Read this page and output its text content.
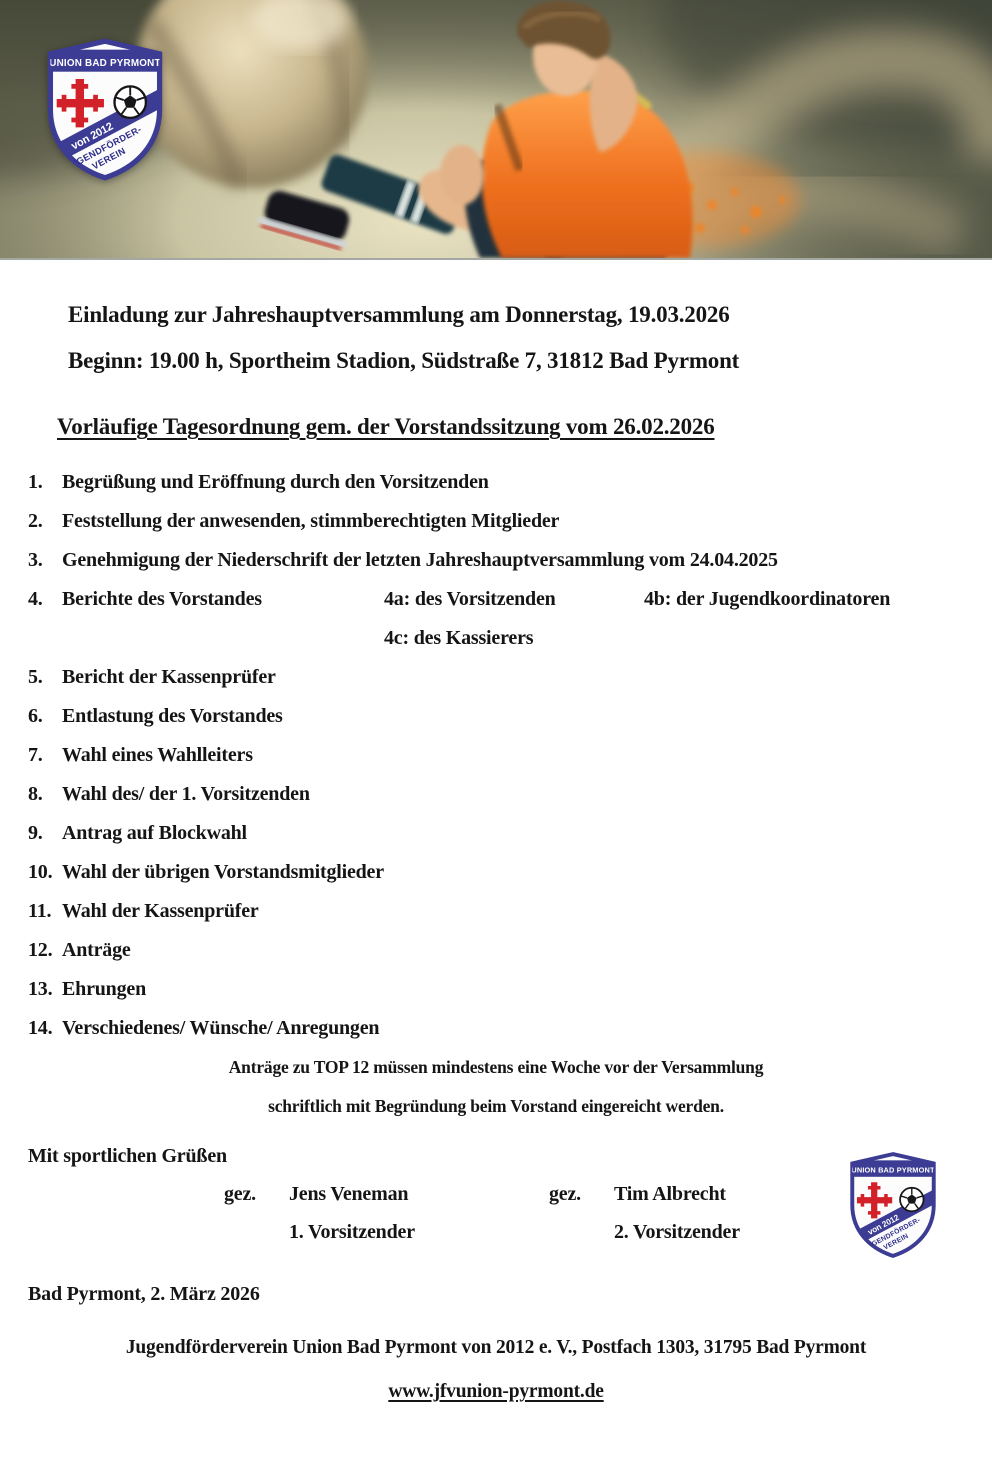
Einladung zur Jahreshauptversammlung am Donnerstag, 19.03.2026
Beginn: 19.00 h, Sportheim Stadion, Südstraße 7, 31812 Bad Pyrmont
Vorläufige Tagesordnung gem. der Vorstandssitzung vom 26.02.2026
1. Begrüßung und Eröffnung durch den Vorsitzenden
2. Feststellung der anwesenden, stimmberechtigten Mitglieder
3. Genehmigung der Niederschrift der letzten Jahreshauptversammlung vom 24.04.2025
4. Berichte des Vorstandes	4a: des Vorsitzenden	4b: der Jugendkoordinatoren
4c: des Kassierers
5. Bericht der Kassenprüfer
6. Entlastung des Vorstandes
7. Wahl eines Wahlleiters
8. Wahl des/ der 1. Vorsitzenden
9. Antrag auf Blockwahl
10. Wahl der übrigen Vorstandsmitglieder
11. Wahl der Kassenprüfer
12. Anträge
13. Ehrungen
14. Verschiedenes/ Wünsche/ Anregungen
Anträge zu TOP 12 müssen mindestens eine Woche vor der Versammlung
schriftlich mit Begründung beim Vorstand eingereicht werden.
Mit sportlichen Grüßen
gez.	Jens Veneman	gez.	Tim Albrecht
1. Vorsitzender	2. Vorsitzender
Bad Pyrmont, 2. März 2026
Jugendförderverein Union Bad Pyrmont von 2012 e. V., Postfach 1303, 31795 Bad Pyrmont
www.jfvunion-pyrmont.de
